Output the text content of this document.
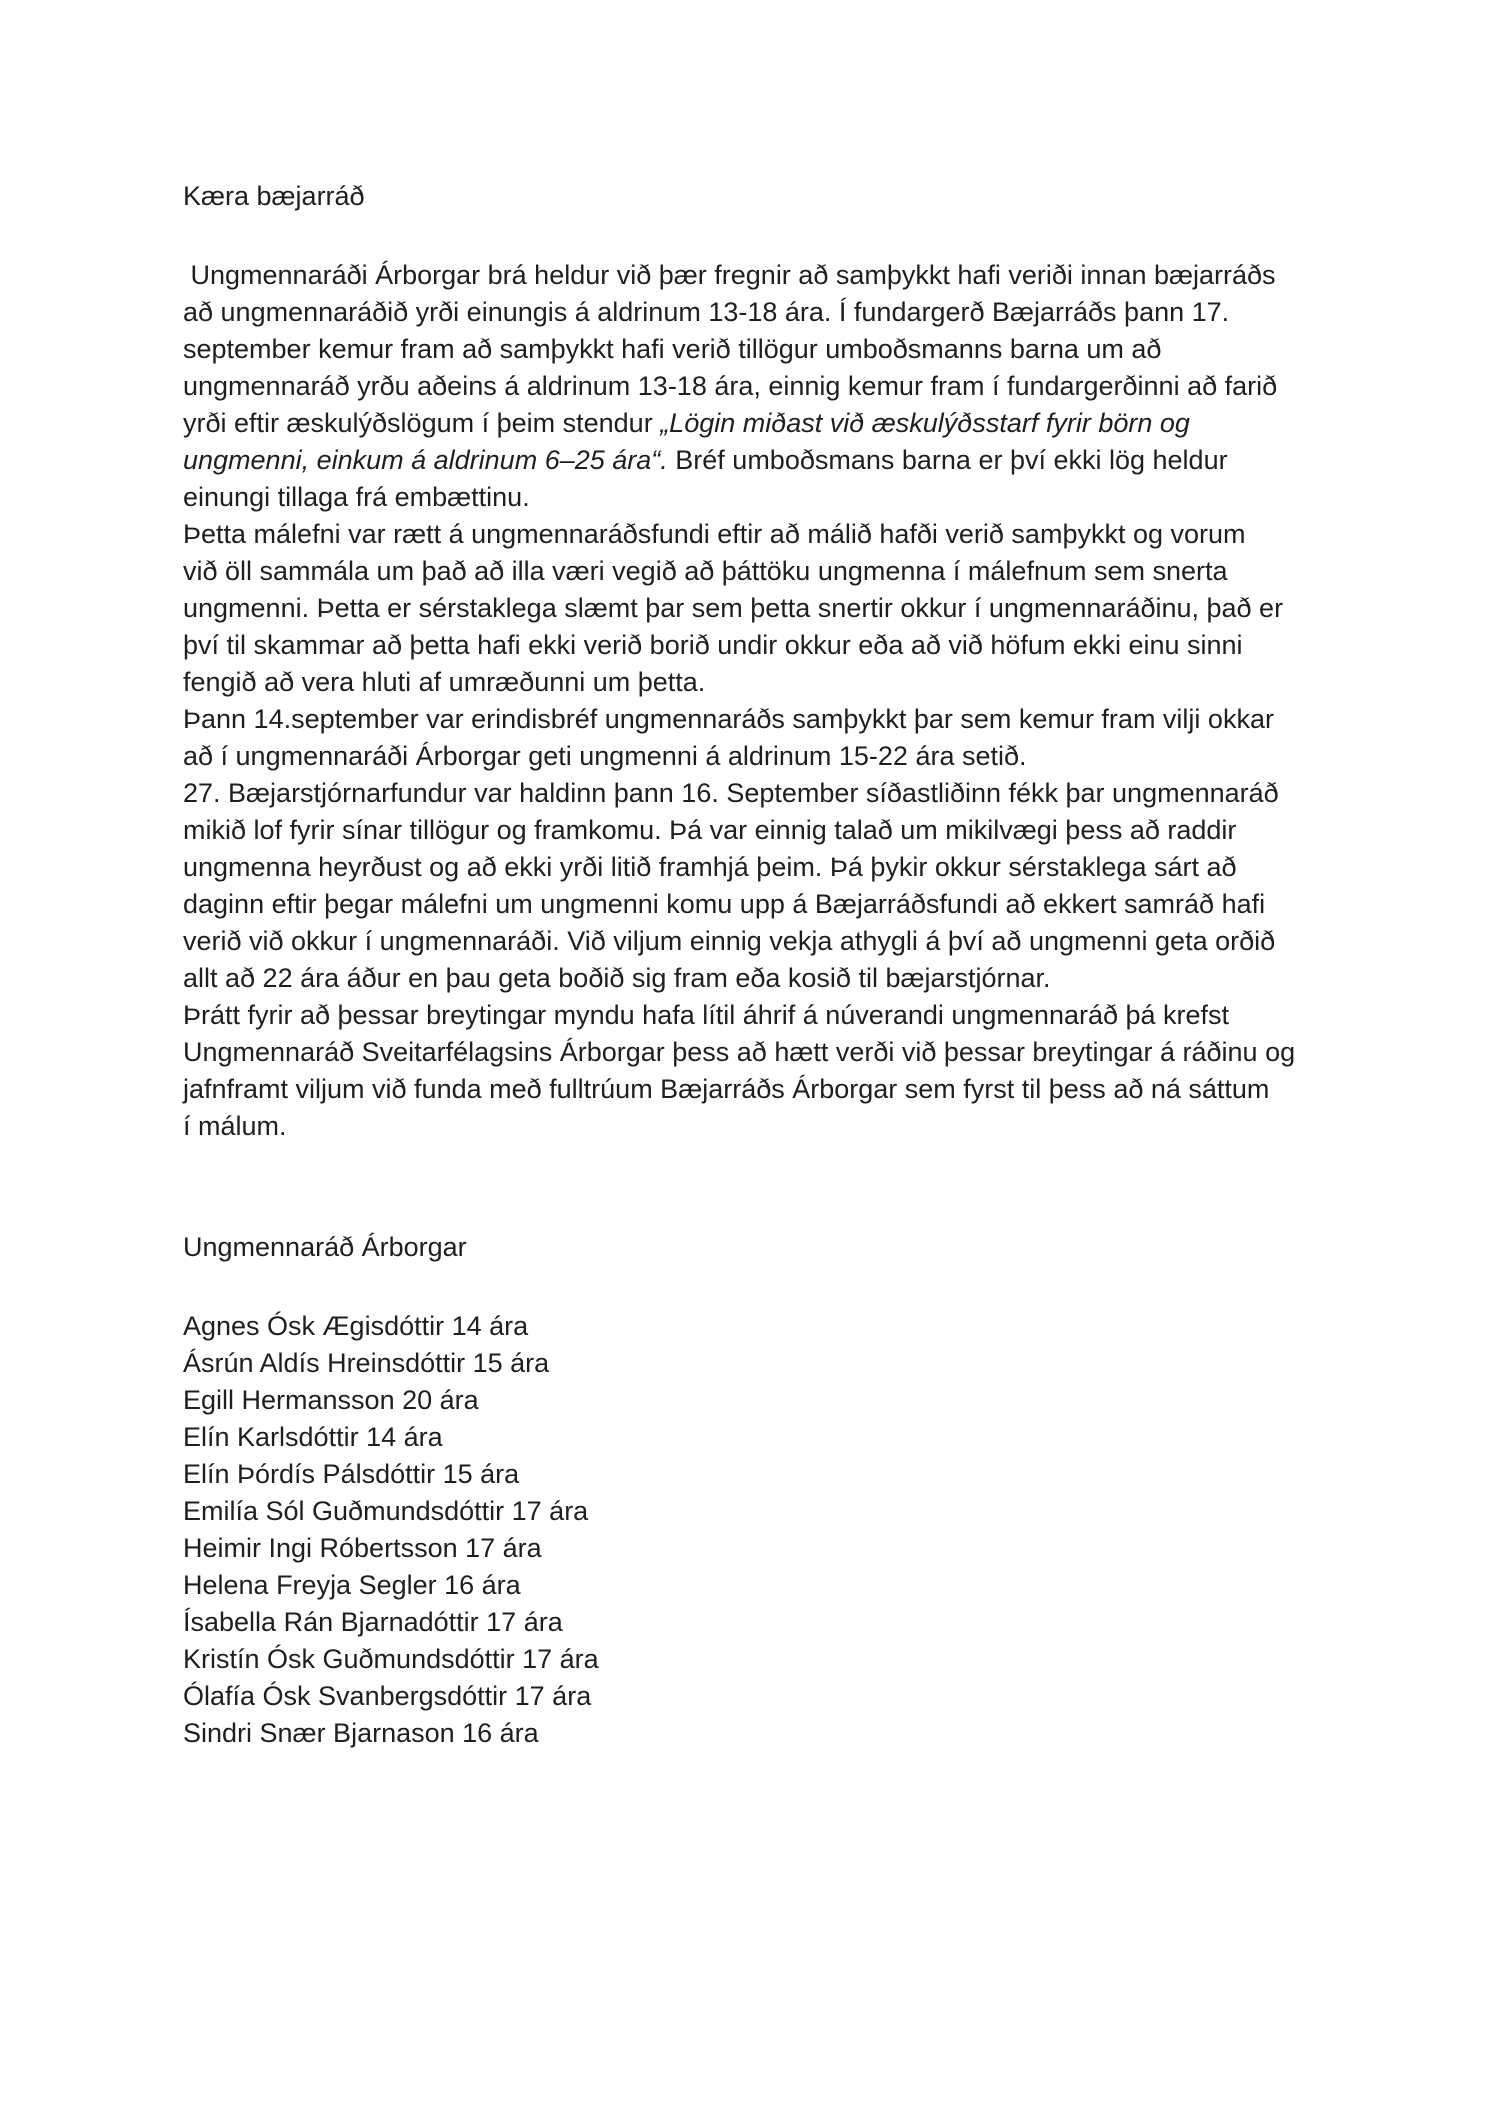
Kæra bæjarráð

Ungmennaráði Árborgar brá heldur við þær fregnir að samþykkt hafi veriði innan bæjarráðs
að ungmennaráðið yrði einungis á aldrinum 13-18 ára. Í fundargerð Bæjarráðs þann 17.
september kemur fram að samþykkt hafi verið tillögur umboðsmanns barna um að
ungmennaráð yrðu aðeins á aldrinum 13-18 ára, einnig kemur fram í fundargerðinni að farið
yrði eftir æskulýðslögum í þeim stendur „Lögin miðast við æskulýðsstarf fyrir börn og
ungmenni, einkum á aldrinum 6–25 ára“. Bréf umboðsmans barna er því ekki lög heldur
einungi tillaga frá embættinu.

Þetta málefni var rætt á ungmennaráðsfundi eftir að málið hafði verið samþykkt og vorum
við öll sammála um það að illa væri vegið að þáttöku ungmenna í málefnum sem snerta
ungmenni. Þetta er sérstaklega slæmt þar sem þetta snertir okkur í ungmennaráðinu, það er
því til skammar að þetta hafi ekki verið borið undir okkur eða að við höfum ekki einu sinni
fengið að vera hluti af umræðunni um þetta.

Þann 14.september var erindisbréf ungmennaráðs samþykkt þar sem kemur fram vilji okkar
að í ungmennaráði Árborgar geti ungmenni á aldrinum 15-22 ára setið.

27. Bæjarstjórnarfundur var haldinn þann 16. September síðastliðinn fékk þar ungmennaráð
mikið lof fyrir sínar tillögur og framkomu. Þá var einnig talað um mikilvægi þess að raddir
ungmenna heyrðust og að ekki yrði litið framhjá þeim. Þá þykir okkur sérstaklega sárt að
daginn eftir þegar málefni um ungmenni komu upp á Bæjarráðsfundi að ekkert samráð hafi
verið við okkur í ungmennaráði. Við viljum einnig vekja athygli á því að ungmenni geta orðið
allt að 22 ára áður en þau geta boðið sig fram eða kosið til bæjarstjórnar.

Þrátt fyrir að þessar breytingar myndu hafa lítil áhrif á núverandi ungmennaráð þá krefst
Ungmennaráð Sveitarfélagsins Árborgar þess að hætt verði við þessar breytingar á ráðinu og
jafnframt viljum við funda með fulltrúum Bæjarráðs Árborgar sem fyrst til þess að ná sáttum
í málum.

Ungmennaráð Árborgar

Agnes Ósk Ægisdóttir 14 ára
Ásrún Aldís Hreinsdóttir 15 ára
Egill Hermansson 20 ára
Elín Karlsdóttir 14 ára
Elín Þórdís Pálsdóttir 15 ára
Emilía Sól Guðmundsdóttir 17 ára
Heimir Ingi Róbertsson 17 ára
Helena Freyja Segler 16 ára
Ísabella Rán Bjarnadóttir 17 ára
Kristín Ósk Guðmundsdóttir 17 ára
Ólafía Ósk Svanbergsdóttir 17 ára
Sindri Snær Bjarnason 16 ára
